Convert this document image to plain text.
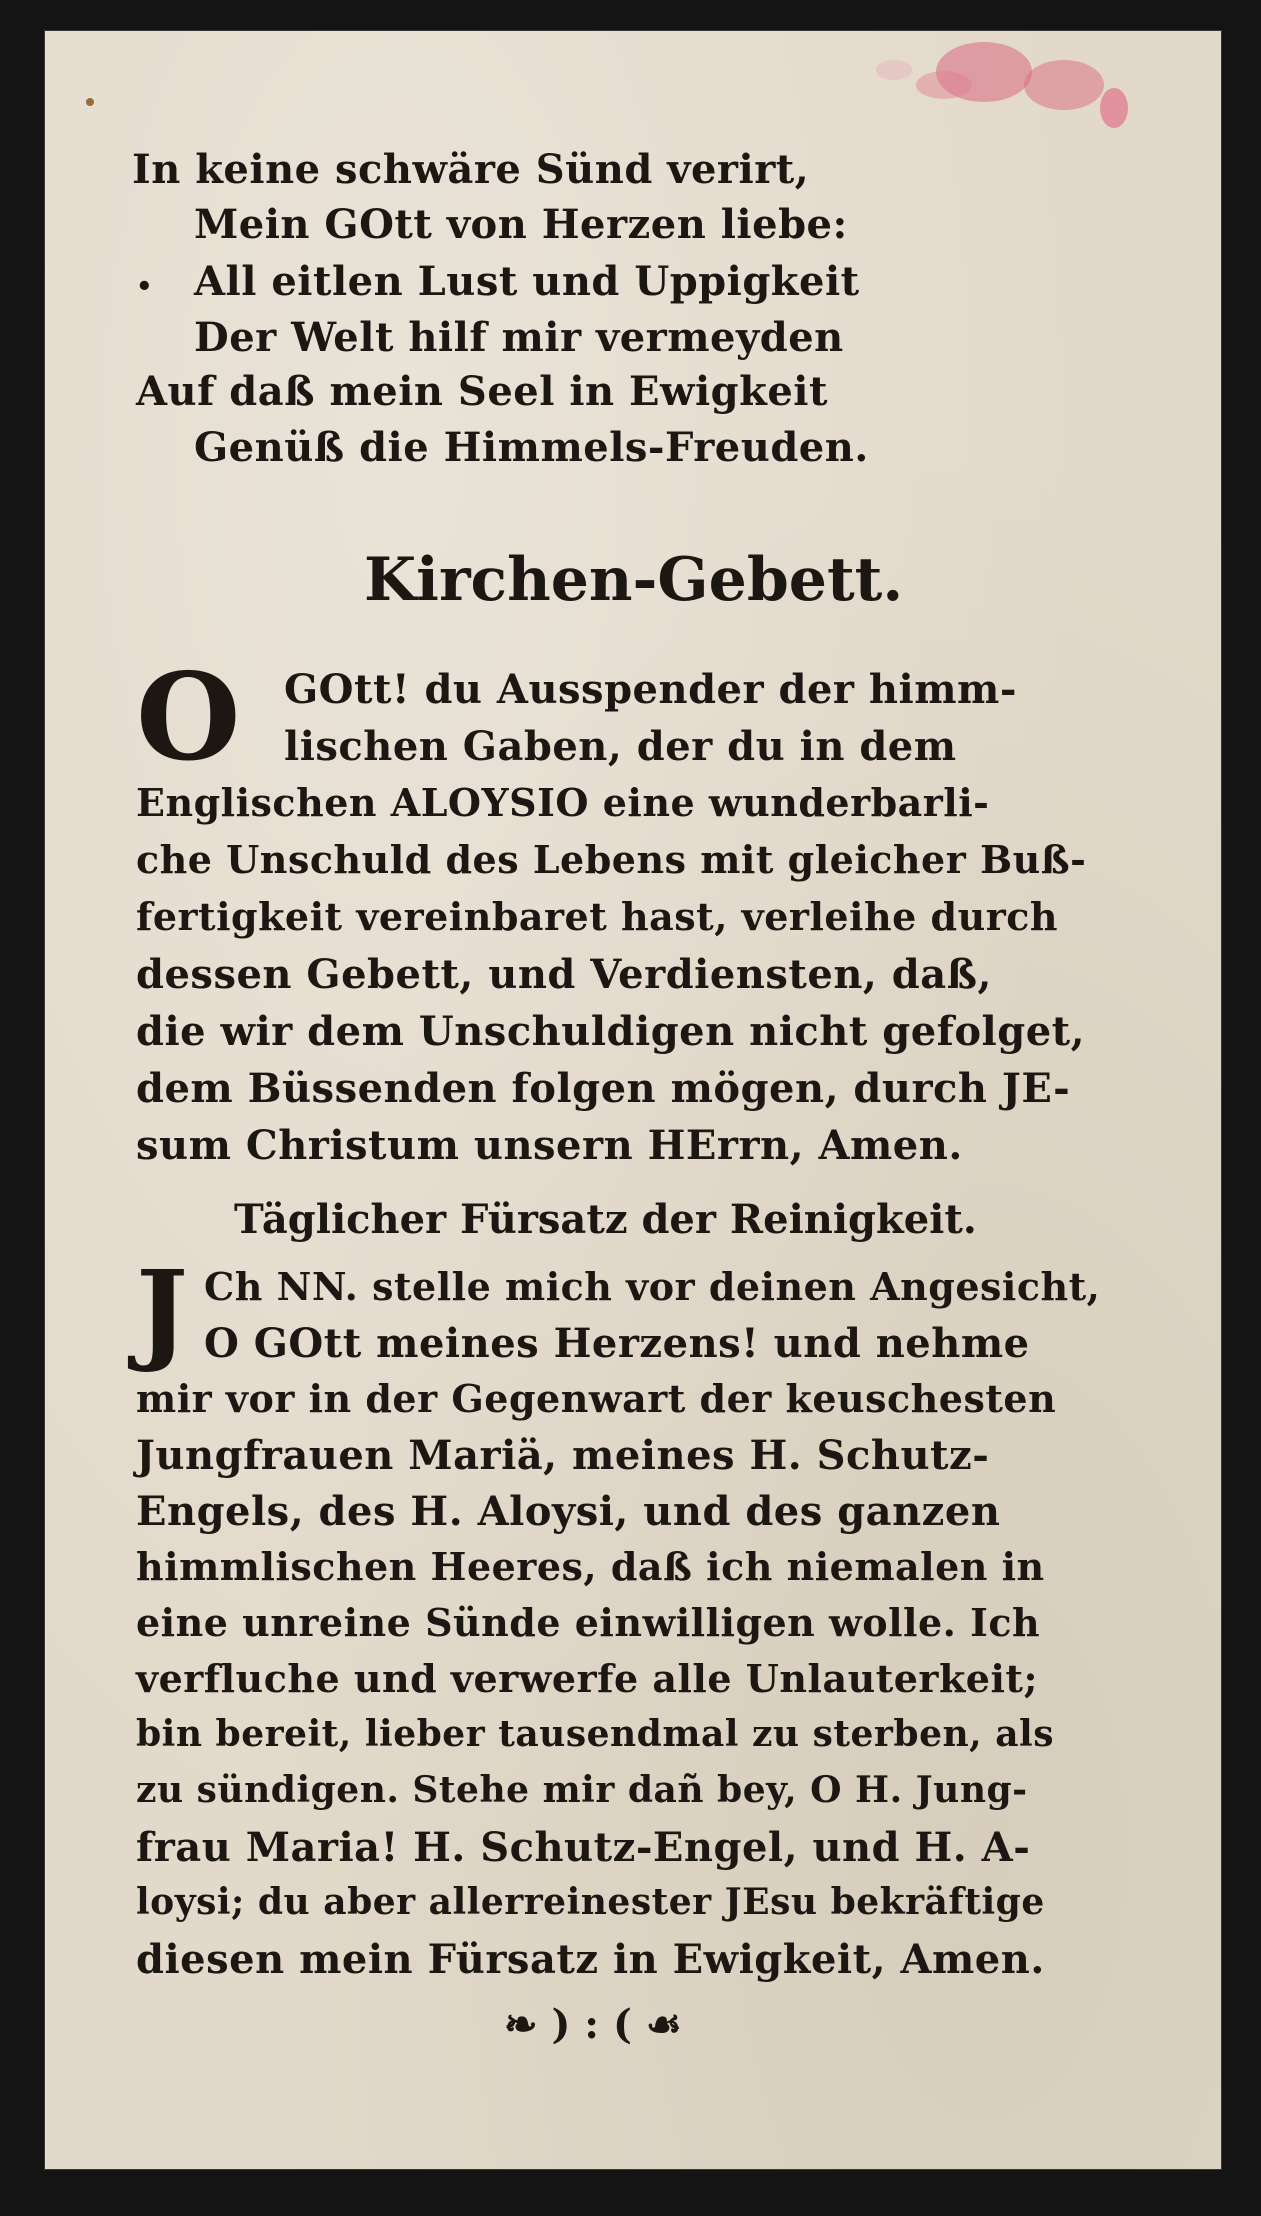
In keine schwäre Sünd verirt,
Mein GOtt von Herzen liebe:
• All eitlen Lust und Uppigkeit
Der Welt hilf mir vermeyden
Auf daß mein Seel in Ewigkeit
Genüß die Himmels-Freuden.
Kirchen-Gebett.
O GOtt! du Ausspender der himm-
lischen Gaben, der du in dem
Englischen ALOYSIO eine wunderbarli-
che Unschuld des Lebens mit gleicher Buß-
fertigkeit vereinbaret hast, verleihe durch
dessen Gebett, und Verdiensten, daß,
die wir dem Unschuldigen nicht gefolget,
dem Büssenden folgen mögen, durch JE-
sum Christum unsern HErrn, Amen.
Täglicher Fürsatz der Reinigkeit.
J Ch NN. stelle mich vor deinen Angesicht,
O GOtt meines Herzens! und nehme
mir vor in der Gegenwart der keuschesten
Jungfrauen Mariä, meines H. Schutz-
Engels, des H. Aloysi, und des ganzen
himmlischen Heeres, daß ich niemalen in
eine unreine Sünde einwilligen wolle. Ich
verfluche und verwerfe alle Unlauterkeit;
bin bereit, lieber tausendmal zu sterben, als
zu sündigen. Stehe mir dañ bey, O H. Jung-
frau Maria! H. Schutz-Engel, und H. A-
loysi; du aber allerreinester JEsu bekräftige
diesen mein Fürsatz in Ewigkeit, Amen.
❧ ) : ( ☙
